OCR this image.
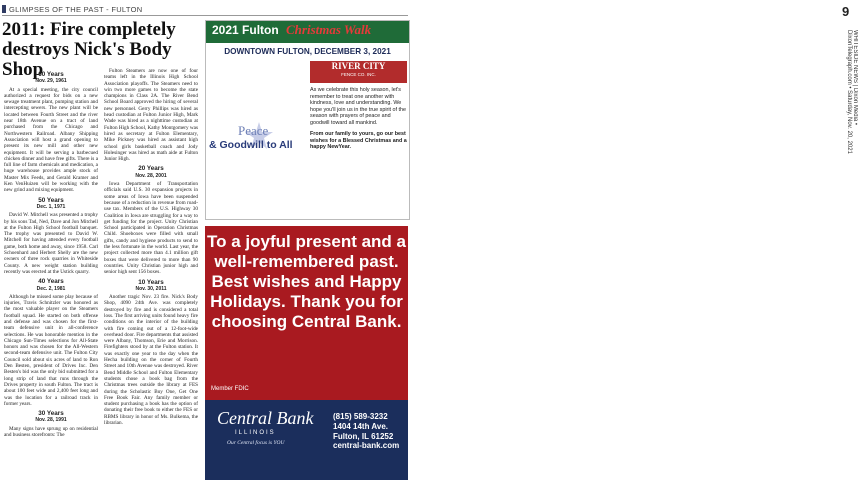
GLIMPSES OF THE PAST - FULTON
2011: Fire completely destroys Nick's Body Shop
60 Years
Nov. 29, 1961

At a special meeting, the city council authorized a request for bids on a new sewage treatment plant, pumping station and intercepting sewers. The new plant will be located between Fourth Street and the river near 18th Avenue on a tract of land purchased from the Chicago and Northwestern Railroad. Albany Shipping Association will host a grand opening to present its new mill and other new equipment. It will be serving a barbecued chicken dinner and have free gifts. There is a full line of farm chemicals and medication, a huge warehouse provides ample stock of Master Mix Feeds, and Gerald Kramer and Ken VenHuizen will be working with the new grind and mixing equipment.

50 Years
Dec. 1, 1971

David W. Mitchell was presented a trophy by his sons Tad, Ned, Dave and Jon Mitchell at the Fulton High School football banquet. The trophy was presented to David W. Mitchell for having attended every football game, both home and away, since 1958. Carl Schoenhard and Herbert Shelly are the new owners of three rock quarries in Whiteside County. A new weight station building recently was erected at the Ustick quarry.

40 Years
Dec. 2, 1981

Although he missed some play because of injuries, Travis Schnitzler was honored as the most valuable player on the Steamers football squad. He started on both offense and defense and was chosen for the first-team defensive unit in all-conference selections. He was honorable mention in the Chicago Sun-Times selections for All-State honors and was chosen for the All-Western second-team defensive unit. The Fulton City Council sold about six acres of land to Ron Den Besten, president of Drives Inc. Den Besten's bid was the only bid submitted for a long strip of land that runs through the Drives property in south Fulton. The tract is about 100 feet wide and 2,400 feet long and was the location for a railroad track in former years.

30 Years
Nov. 28, 1991

Many signs have sprung up on residential and business storefronts: The

Fulton Steamers are now one of four teams left in the Illinois High School Association playoffs. The Steamers need to win two more games to become the state champions in Class 2A. The River Bend School Board approved the hiring of several new personnel. Gerry Phillips was hired as head custodian at Fulton Junior High, Mark Wade was hired as a nighttime custodian at Fulton High School, Kathy Montgomery was hired as secretary at Fulton Elementary, Mike Pickney was hired as assistant high school girls basketball coach and Jody Holesinger was hired as math aide at Fulton Junior High.

20 Years
Nov. 28, 2001

Iowa Department of Transportation officials said U.S. 30 expansion projects in some areas of Iowa have been suspended because of a reduction in revenue from road-use tax. Members of the U.S. Highway 30 Coalition in Iowa are struggling for a way to get funding for the project. Unity Christian School participated in Operation Christmas Child. Shoeboxes were filled with small gifts, candy and hygiene products to send to the less fortunate in the world. Last year, the project collected more than 4.1 million gift boxes that were delivered to more than 90 countries. Unity Christian junior high and senior high sent 156 boxes.

10 Years
Nov. 30, 2011

Another tragic Nov. 23 fire. Nick's Body Shop, 4090 24th Ave. was completely destroyed by fire and is considered a total loss. The first arriving units found heavy fire conditions on the interior of the building with fire coming out of a 12-foot-wide overhead door. Fire departments that assisted were Albany, Thomson, Erie and Morrison. Firefighters stood by at the Fulton station. It was exactly one year to the day when the Hecha building on the corner of Fourth Street and 10th Avenue was destroyed. River Bend Middle School and Fulton Elementary students chose a book bag from the Christmas trees outside the library at FES during the Scholastic Buy One, Get One Free Book Fair. Any family member or student purchasing a book has the option of donating their free book to either the FES or RBMS library in honor of Ms. Bulkema, the librarian.

2021 Fulton Christmas Walk
DOWNTOWN FULTON, DECEMBER 3, 2021
Peace
& Goodwill to All
RIVER CITY
FENCE CO. INC.
As we celebrate this holy season, let's remember to treat one another with kindness, love and understanding. We hope you'll join us in the true spirit of the season with prayers of peace and goodwill toward all mankind.
From our family to yours, go our best wishes for a Blessed Christmas and a happy NewYear.
To a joyful present and a well-remembered past. Best wishes and Happy Holidays. Thank you for choosing Central Bank.
Member FDIC
Central Bank
ILLINOIS
Our Central focus is YOU
(815) 589-3232
1404 14th Ave.
Fulton, IL 61252
central-bank.com
9
WHITESIDE NEWS | Dixon Media • DixonTelegraph.com • Saturday, Nov. 20, 2021
